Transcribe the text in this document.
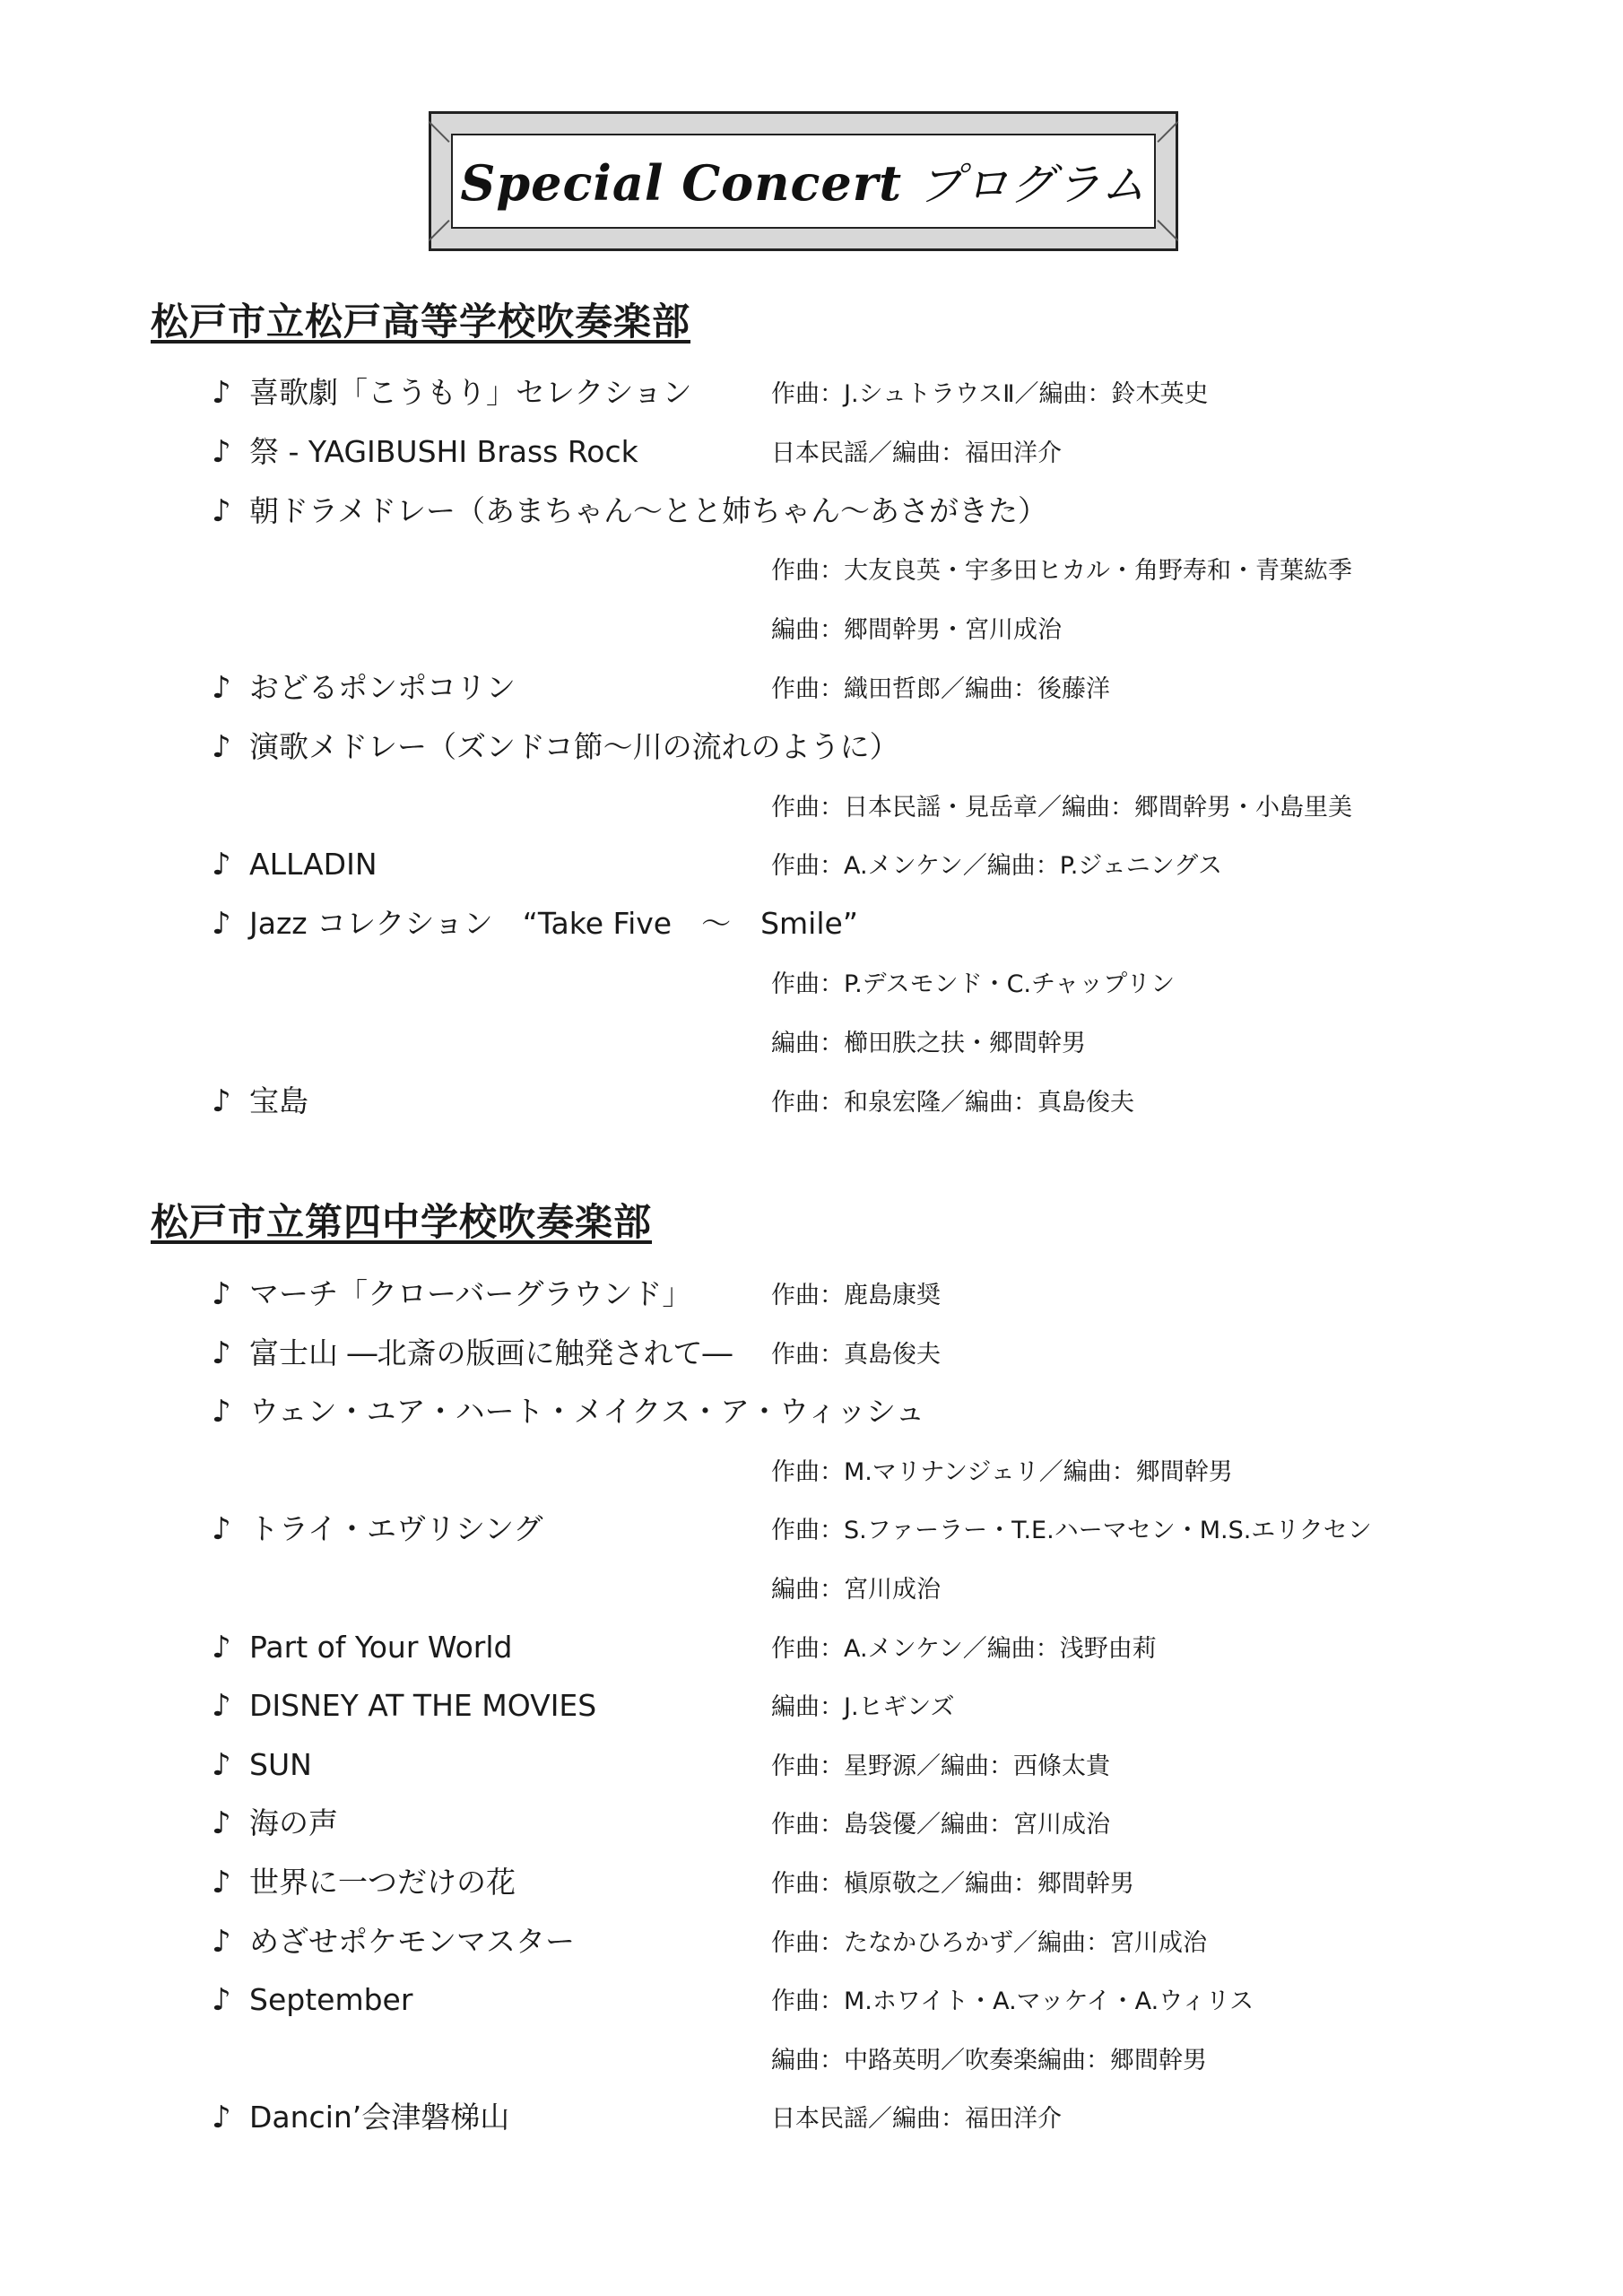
Special Concert プログラム
松戸市立松戸高等学校吹奏楽部
♪ 喜歌劇「こうもり」セレクション	作曲：J.シュトラウスⅡ／編曲：鈴木英史
♪ 祭 - YAGIBUSHI Brass Rock	日本民謡／編曲：福田洋介
♪ 朝ドラメドレー（あまちゃん～とと姉ちゃん～あさがきた）
作曲：大友良英・宇多田ヒカル・角野寿和・青葉紘季
編曲：郷間幹男・宮川成治
♪ おどるポンポコリン	作曲：織田哲郎／編曲：後藤洋
♪ 演歌メドレー（ズンドコ節～川の流れのように）
作曲：日本民謡・見岳章／編曲：郷間幹男・小島里美
♪ ALLADIN	作曲：A.メンケン／編曲：P.ジェニングス
♪ Jazz コレクション　“Take Five　～　Smile”
作曲：P.デスモンド・C.チャップリン
編曲：櫛田胅之扶・郷間幹男
♪ 宝島	作曲：和泉宏隆／編曲：真島俊夫
松戸市立第四中学校吹奏楽部
♪ マーチ「クローバーグラウンド」	作曲：鹿島康奨
♪ 富士山 ―北斎の版画に触発されて― 作曲：真島俊夫
♪ ウェン・ユア・ハート・メイクス・ア・ウィッシュ
作曲：M.マリナンジェリ／編曲：郷間幹男
♪ トライ・エヴリシング	作曲：S.ファーラー・T.E.ハーマセン・M.S.エリクセン
編曲：宮川成治
♪ Part of Your World	作曲：A.メンケン／編曲：浅野由莉
♪ DISNEY AT THE MOVIES	編曲：J.ヒギンズ
♪ SUN	作曲：星野源／編曲：西條太貴
♪ 海の声	作曲：島袋優／編曲：宮川成治
♪ 世界に一つだけの花	作曲：槇原敬之／編曲：郷間幹男
♪ めざせポケモンマスター	作曲：たなかひろかず／編曲：宮川成治
♪ September	作曲：M.ホワイト・A.マッケイ・A.ウィリス
編曲：中路英明／吹奏楽編曲：郷間幹男
♪ Dancin’会津磐梯山	日本民謡／編曲：福田洋介
